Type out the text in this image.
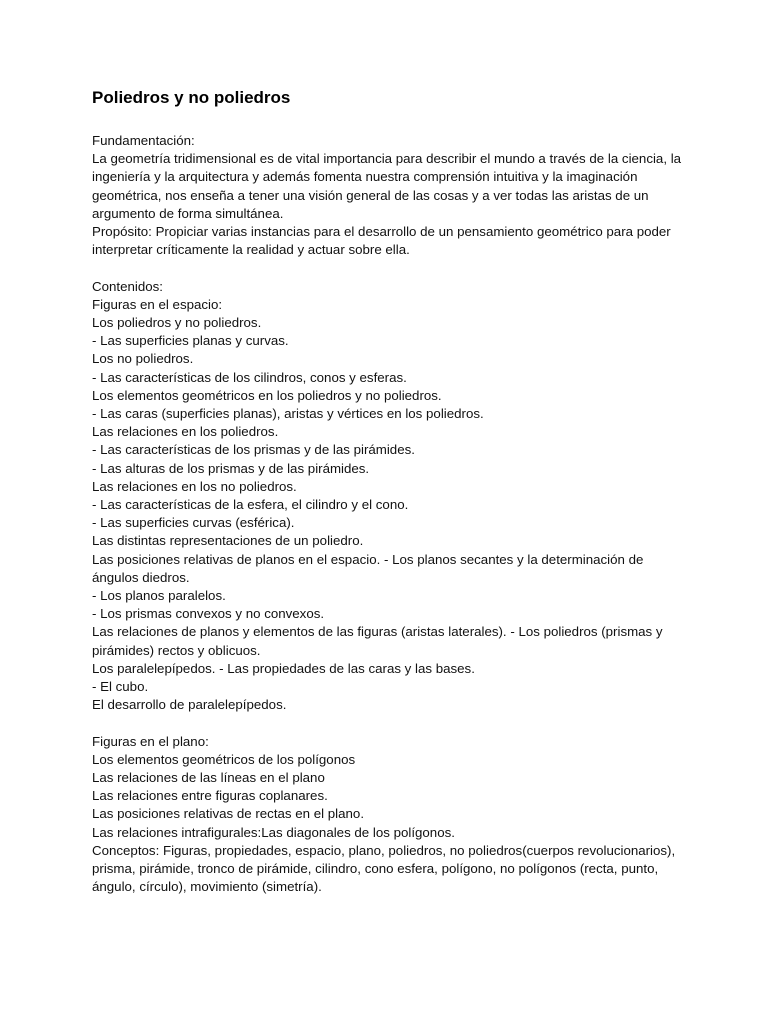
Poliedros y no poliedros

Fundamentación:

La geometría tridimensional es de vital importancia para describir el mundo a través de la ciencia, la ingeniería y la arquitectura y además fomenta nuestra comprensión intuitiva y la imaginación geométrica, nos enseña a tener una visión general de las cosas y a ver todas las aristas de un argumento de forma simultánea.

Propósito: Propiciar varias instancias para el desarrollo de un pensamiento geométrico para poder interpretar críticamente la realidad y actuar sobre ella.

Contenidos:

Figuras en el espacio:

Los poliedros y no poliedros.

- Las superficies planas y curvas.

Los no poliedros.

- Las características de los cilindros, conos y esferas.

Los elementos geométricos en los poliedros y no poliedros.

- Las caras (superficies planas), aristas y vértices en los poliedros.

Las relaciones en los poliedros.

- Las características de los prismas y de las pirámides.

- Las alturas de los prismas y de las pirámides.

Las relaciones en los no poliedros.

- Las características de la esfera, el cilindro y el cono.

- Las superficies curvas (esférica).

Las distintas representaciones de un poliedro.

Las posiciones relativas de planos en el espacio. - Los planos secantes y la determinación de ángulos diedros.

- Los planos paralelos.

- Los prismas convexos y no convexos.

Las relaciones de planos y elementos de las figuras (aristas laterales). - Los poliedros (prismas y pirámides) rectos y oblicuos.

Los paralelepípedos. - Las propiedades de las caras y las bases.

- El cubo.

El desarrollo de paralelepípedos.

Figuras en el plano:

Los elementos geométricos de los polígonos

Las relaciones de las líneas en el plano

Las relaciones entre figuras coplanares.

Las posiciones relativas de rectas en el plano.

Las relaciones intrafigurales:Las diagonales de los polígonos.

Conceptos: Figuras, propiedades, espacio, plano, poliedros, no poliedros(cuerpos revolucionarios), prisma, pirámide, tronco de pirámide, cilindro, cono esfera, polígono, no polígonos (recta, punto, ángulo, círculo), movimiento (simetría).
